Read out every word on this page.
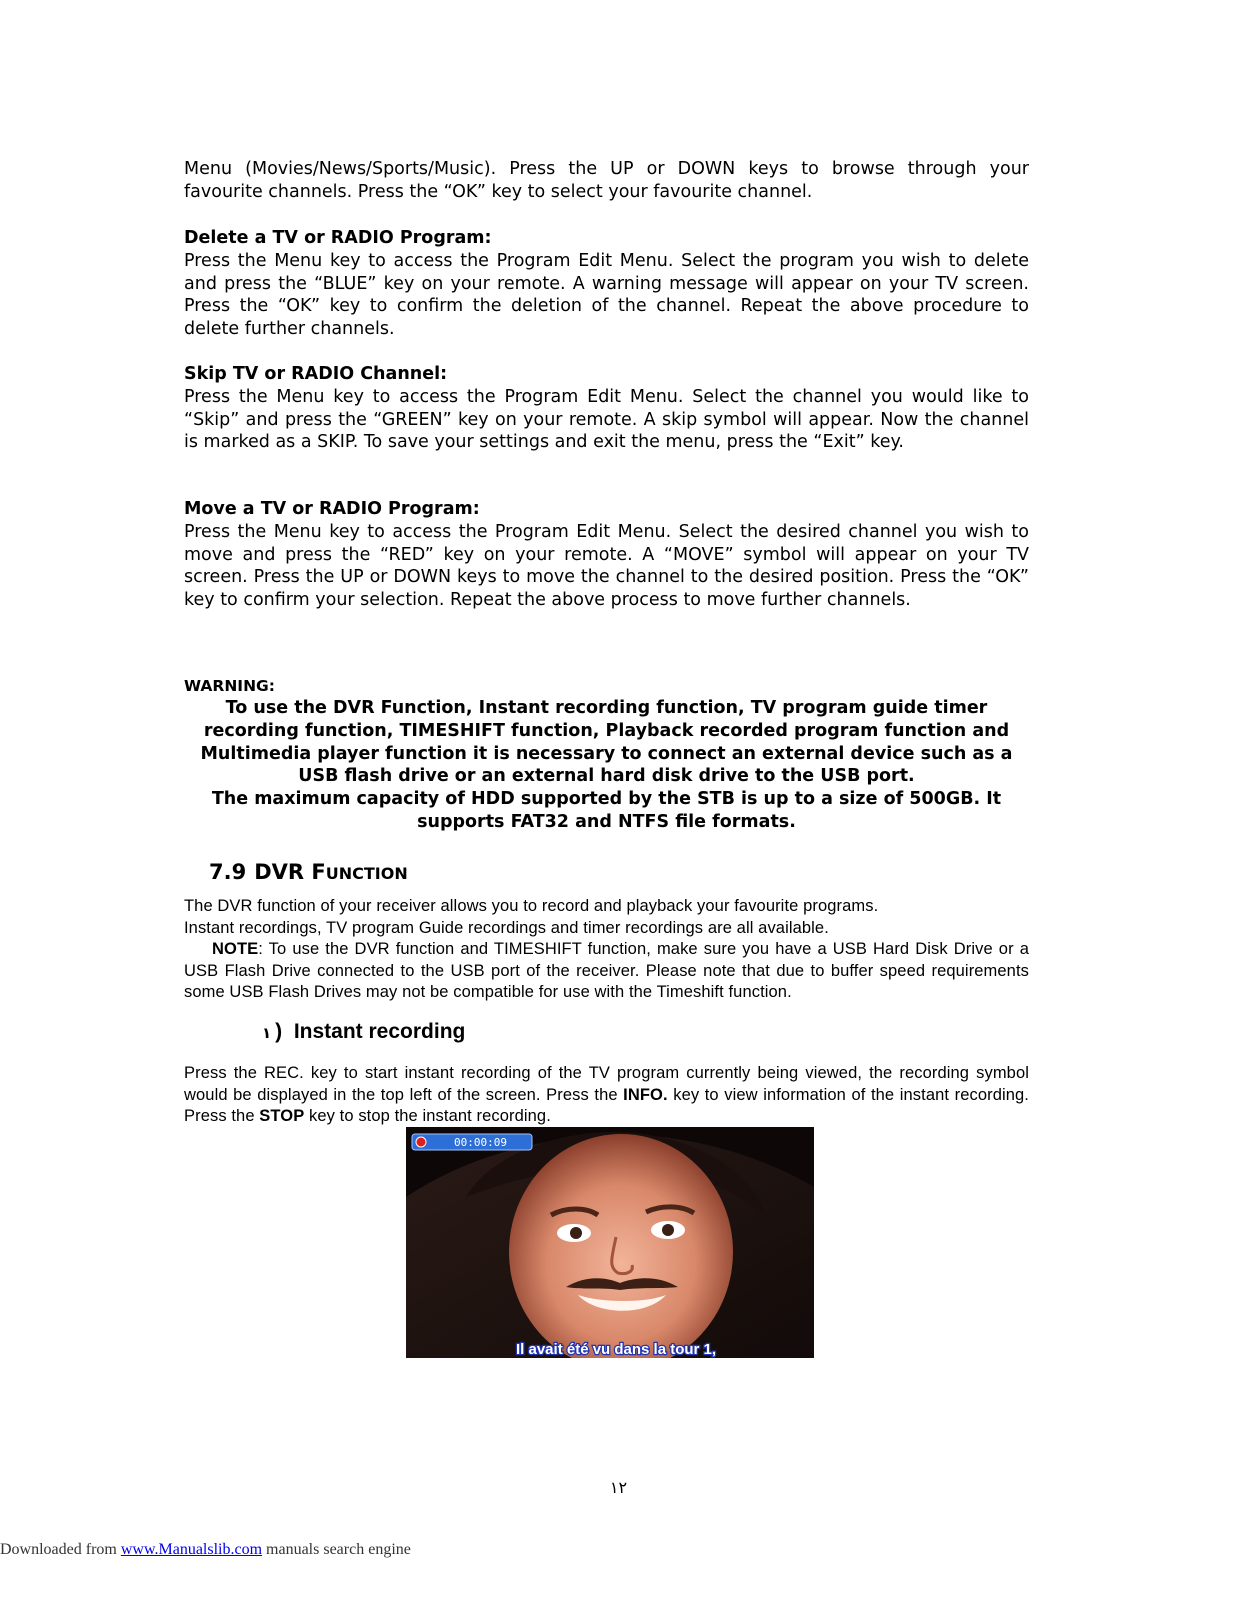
Menu (Movies/News/Sports/Music). Press the UP or DOWN keys to browse through your favourite channels. Press the “OK” key to select your favourite channel.

Delete a TV or RADIO Program:

Press the Menu key to access the Program Edit Menu. Select the program you wish to delete and press the “BLUE” key on your remote. A warning message will appear on your TV screen. Press the “OK” key to confirm the deletion of the channel. Repeat the above procedure to delete further channels.

Skip TV or RADIO Channel:

Press the Menu key to access the Program Edit Menu. Select the channel you would like to “Skip” and press the “GREEN” key on your remote. A skip symbol will appear. Now the channel is marked as a SKIP. To save your settings and exit the menu, press the “Exit” key.

Move a TV or RADIO Program:

Press the Menu key to access the Program Edit Menu. Select the desired channel you wish to move and press the “RED” key on your remote. A “MOVE” symbol will appear on your TV screen. Press the UP or DOWN keys to move the channel to the desired position. Press the “OK” key to confirm your selection. Repeat the above process to move further channels.

WARNING:

To use the DVR Function, Instant recording function, TV program guide timer recording function, TIMESHIFT function, Playback recorded program function and Multimedia player function it is necessary to connect an external device such as a USB flash drive or an external hard disk drive to the USB port.

The maximum capacity of HDD supported by the STB is up to a size of 500GB. It supports FAT32 and NTFS file formats.

7.9 DVR FUNCTION

The DVR function of your receiver allows you to record and playback your favourite programs.

Instant recordings, TV program Guide recordings and timer recordings are all available.

NOTE: To use the DVR function and TIMESHIFT function, make sure you have a USB Hard Disk Drive or a USB Flash Drive connected to the USB port of the receiver. Please note that due to buffer speed requirements some USB Flash Drives may not be compatible for use with the Timeshift function.

١ ) Instant recording

Press the REC. key to start instant recording of the TV program currently being viewed, the recording symbol would be displayed in the top left of the screen. Press the INFO. key to view information of the instant recording. Press the STOP key to stop the instant recording.

00:00:09
Il avait été vu dans la tour 1,
١٢
Downloaded from www.Manualslib.com manuals search engine
